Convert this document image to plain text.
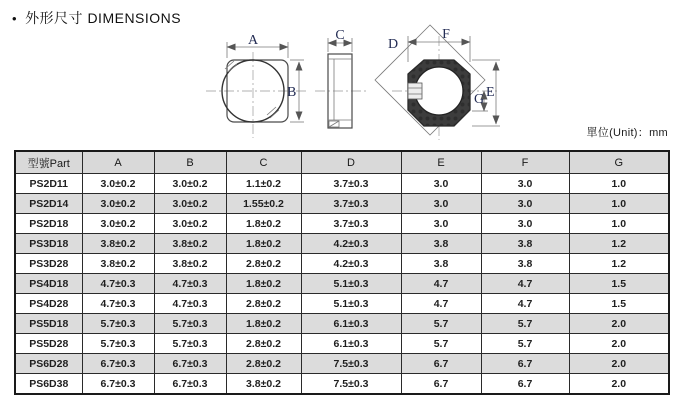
• 外形尺寸 DIMENSIONS
A
B
C	F
E
G
D
單位(Unit)：mm
型號Part	A	B	C	D	E	F	G
PS2D11	3.0±0.2	3.0±0.2	1.1±0.2	3.7±0.3	3.0	3.0	1.0
PS2D14	3.0±0.2	3.0±0.2	1.55±0.2	3.7±0.3	3.0	3.0	1.0
PS2D18	3.0±0.2	3.0±0.2	1.8±0.2	3.7±0.3	3.0	3.0	1.0
PS3D18	3.8±0.2	3.8±0.2	1.8±0.2	4.2±0.3	3.8	3.8	1.2
PS3D28	3.8±0.2	3.8±0.2	2.8±0.2	4.2±0.3	3.8	3.8	1.2
PS4D18	4.7±0.3	4.7±0.3	1.8±0.2	5.1±0.3	4.7	4.7	1.5
PS4D28	4.7±0.3	4.7±0.3	2.8±0.2	5.1±0.3	4.7	4.7	1.5
PS5D18	5.7±0.3	5.7±0.3	1.8±0.2	6.1±0.3	5.7	5.7	2.0
PS5D28	5.7±0.3	5.7±0.3	2.8±0.2	6.1±0.3	5.7	5.7	2.0
PS6D28	6.7±0.3	6.7±0.3	2.8±0.2	7.5±0.3	6.7	6.7	2.0
PS6D38	6.7±0.3	6.7±0.3	3.8±0.2	7.5±0.3	6.7	6.7	2.0
